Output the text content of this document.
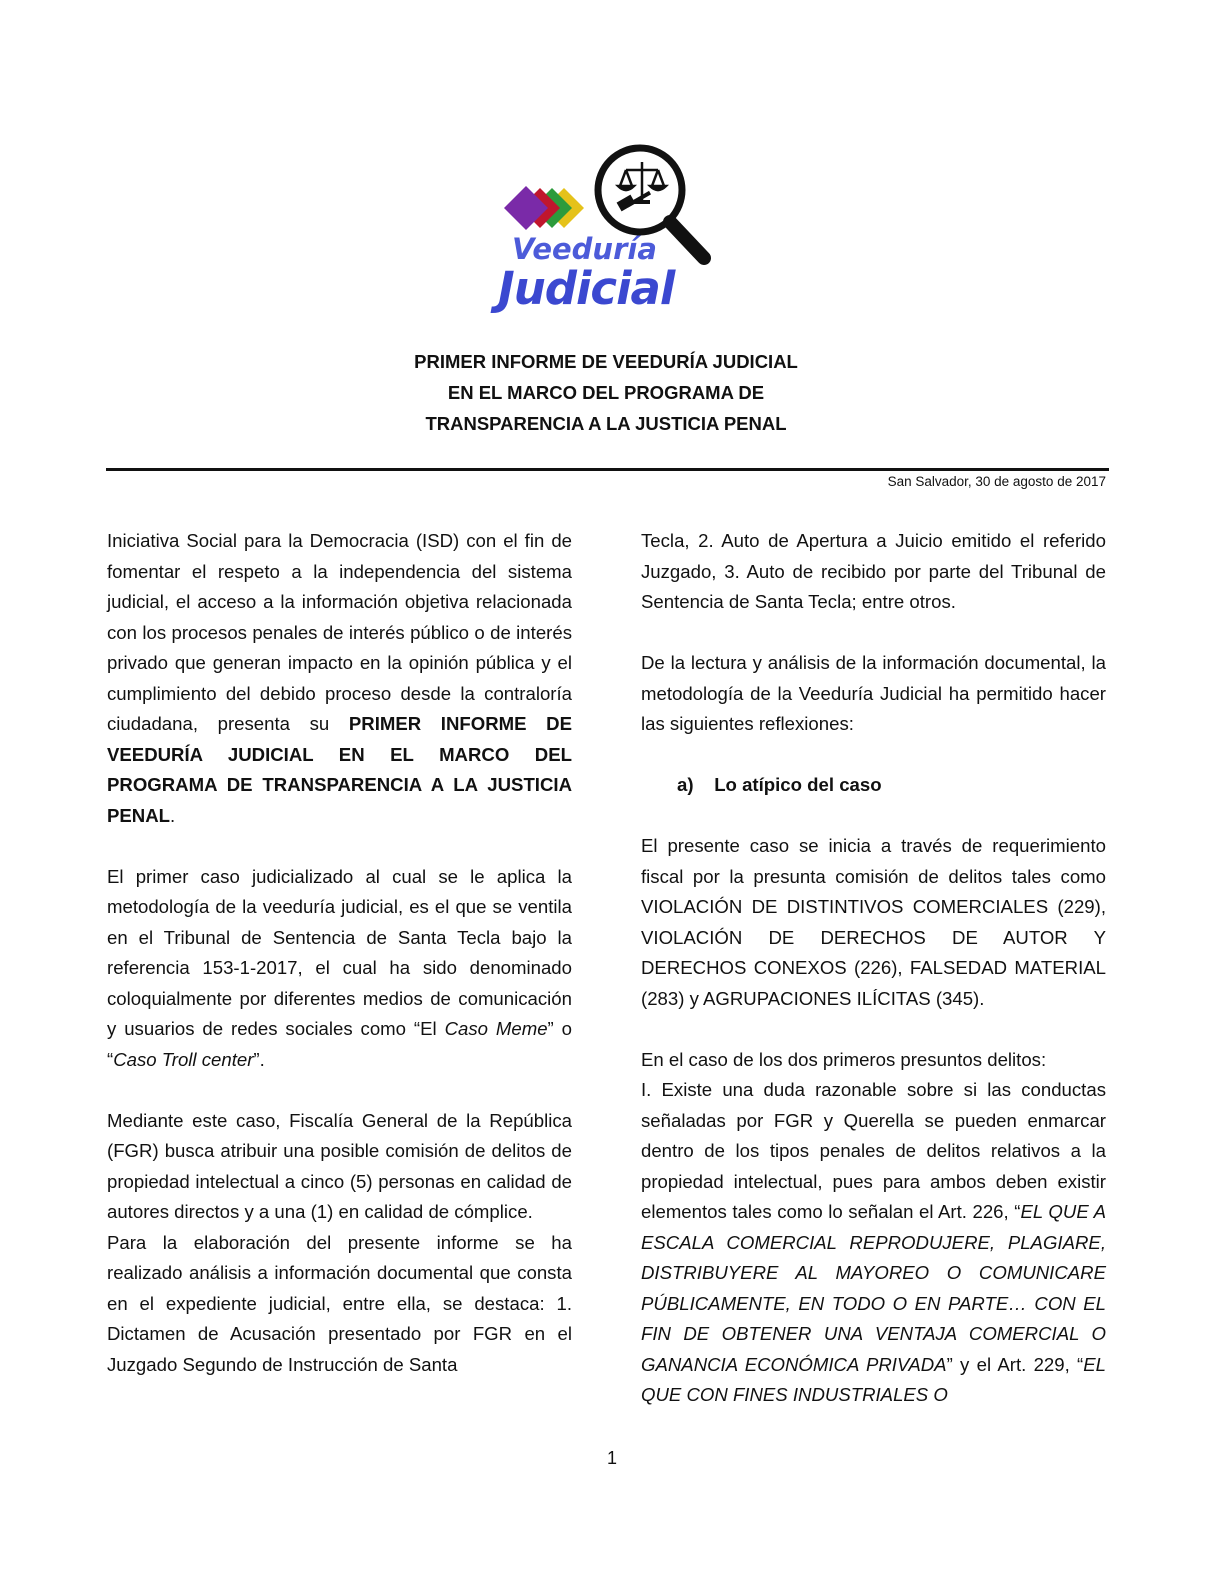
Veeduría
Judicial
PRIMER INFORME DE VEEDURÍA JUDICIAL
EN EL MARCO DEL PROGRAMA DE
TRANSPARENCIA A LA JUSTICIA PENAL
San Salvador, 30 de agosto de 2017

Iniciativa Social para la Democracia (ISD) con el fin de fomentar el respeto a la independencia del sistema judicial, el acceso a la información objetiva relacionada con los procesos penales de interés público o de interés privado que generan impacto en la opinión pública y el cumplimiento del debido proceso desde la contraloría ciudadana, presenta su PRIMER INFORME DE VEEDURÍA JUDICIAL EN EL MARCO DEL PROGRAMA DE TRANSPARENCIA A LA JUSTICIA PENAL.

El primer caso judicializado al cual se le aplica la metodología de la veeduría judicial, es el que se ventila en el Tribunal de Sentencia de Santa Tecla bajo la referencia 153-1-2017, el cual ha sido denominado coloquialmente por diferentes medios de comunicación y usuarios de redes sociales como “El Caso Meme” o “Caso Troll center”.

Mediante este caso, Fiscalía General de la República (FGR) busca atribuir una posible comisión de delitos de propiedad intelectual a cinco (5) personas en calidad de autores directos y a una (1) en calidad de cómplice.

Para la elaboración del presente informe se ha realizado análisis a información documental que consta en el expediente judicial, entre ella, se destaca: 1. Dictamen de Acusación presentado por FGR en el Juzgado Segundo de Instrucción de Santa

Tecla, 2. Auto de Apertura a Juicio emitido el referido Juzgado, 3. Auto de recibido por parte del Tribunal de Sentencia de Santa Tecla; entre otros.

De la lectura y análisis de la información documental, la metodología de la Veeduría Judicial ha permitido hacer las siguientes reflexiones:

a)    Lo atípico del caso

El presente caso se inicia a través de requerimiento fiscal por la presunta comisión de delitos tales como VIOLACIÓN DE DISTINTIVOS COMERCIALES (229), VIOLACIÓN DE DERECHOS DE AUTOR Y DERECHOS CONEXOS (226), FALSEDAD MATERIAL (283) y AGRUPACIONES ILÍCITAS (345).

En el caso de los dos primeros presuntos delitos:

I. Existe una duda razonable sobre si las conductas señaladas por FGR y Querella se pueden enmarcar dentro de los tipos penales de delitos relativos a la propiedad intelectual, pues para ambos deben existir elementos tales como lo señalan el Art. 226, “EL QUE A ESCALA COMERCIAL REPRODUJERE, PLAGIARE, DISTRIBUYERE AL MAYOREO O COMUNICARE PÚBLICAMENTE, EN TODO O EN PARTE… CON EL FIN DE OBTENER UNA VENTAJA COMERCIAL O GANANCIA ECONÓMICA PRIVADA” y el Art. 229, “EL QUE CON FINES INDUSTRIALES O

1
